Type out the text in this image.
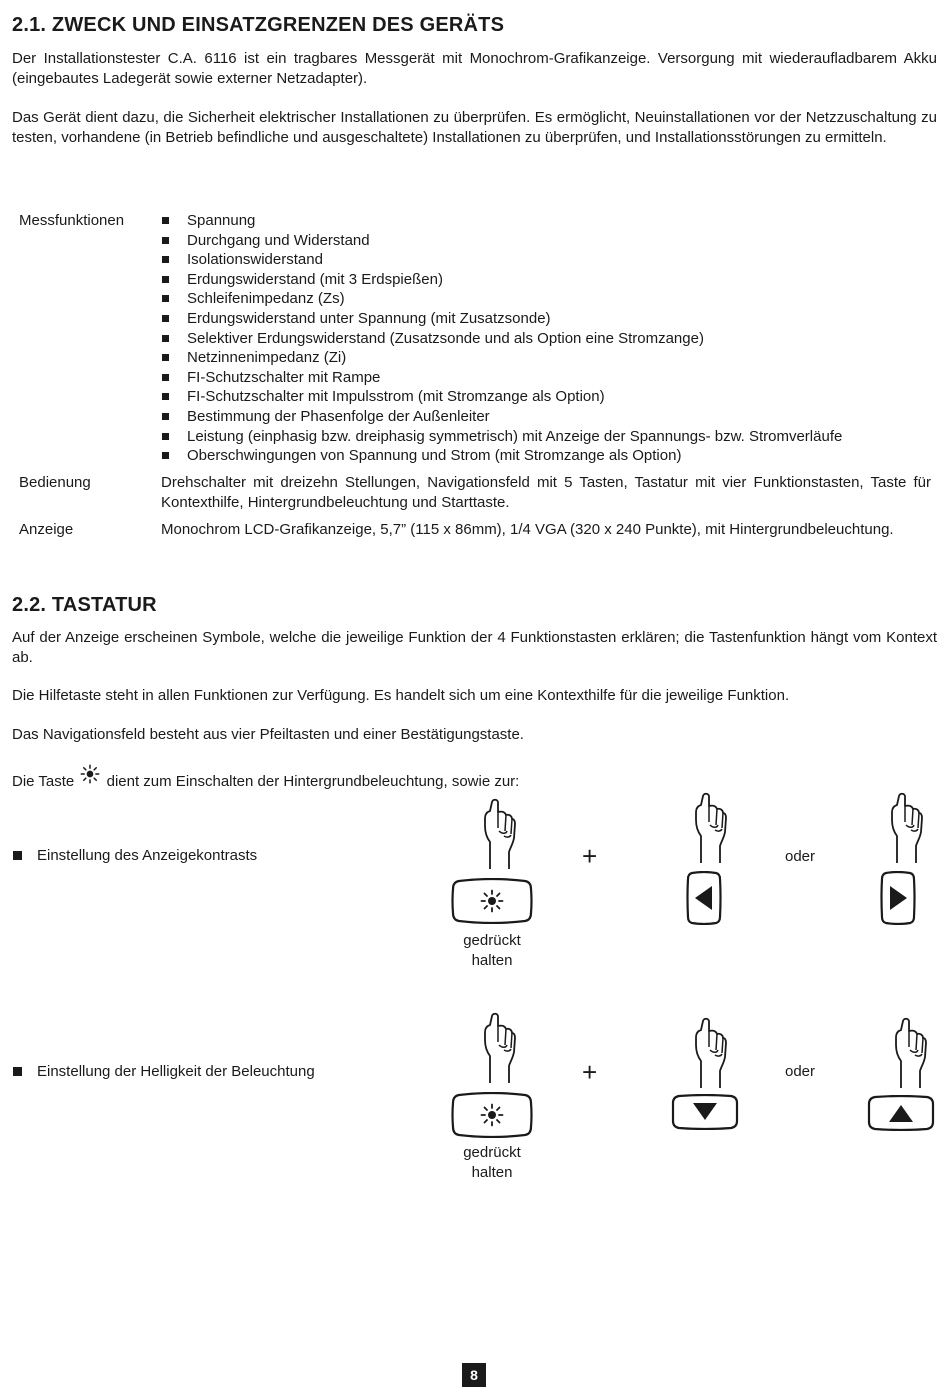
2.1. ZWECK UND EINSATZGRENZEN DES GERÄTS

Der Installationstester C.A. 6116 ist ein tragbares Messgerät mit Monochrom-Grafikanzeige. Versorgung mit wiederaufladbarem Akku (eingebautes Ladegerät sowie externer Netzadapter).

Das Gerät dient dazu, die Sicherheit elektrischer Installationen zu überprüfen. Es ermöglicht, Neuinstallationen vor der Netzzuschaltung zu testen, vorhandene (in Betrieb befindliche und ausgeschaltete) Installationen zu überprüfen, und Installationsstörungen zu ermitteln.

Messfunktionen	Spannung
Durchgang und Widerstand
Isolationswiderstand
Erdungswiderstand (mit 3 Erdspießen)
Schleifenimpedanz (Zs)
Erdungswiderstand unter Spannung (mit Zusatzsonde)
Selektiver Erdungswiderstand (Zusatzsonde und als Option eine Stromzange)
Netzinnenimpedanz (Zi)
FI-Schutzschalter mit Rampe
FI-Schutzschalter mit Impulsstrom (mit Stromzange als Option)
Bestimmung der Phasenfolge der Außenleiter
Leistung (einphasig bzw. dreiphasig symmetrisch) mit Anzeige der Spannungs- bzw. Stromverläufe
Oberschwingungen von Spannung und Strom (mit Stromzange als Option)
Bedienung	Drehschalter mit dreizehn Stellungen, Navigationsfeld mit 5 Tasten, Tastatur mit vier Funktionstasten, Taste für Kontexthilfe, Hintergrundbeleuchtung und Starttaste.

Anzeige	Monochrom LCD-Grafikanzeige, 5,7” (115 x 86mm), 1/4 VGA (320 x 240 Punkte), mit Hintergrundbeleuchtung.
2.2. TASTATUR

Auf der Anzeige erscheinen Symbole, welche die jeweilige Funktion der 4 Funktionstasten erklären; die Tastenfunktion hängt vom Kontext ab.

Die Hilfetaste steht in allen Funktionen zur Verfügung. Es handelt sich um eine Kontexthilfe für die jeweilige Funktion.

Das Navigationsfeld besteht aus vier Pfeiltasten und einer Bestätigungstaste.

Die Taste dient zum Einschalten der Hintergrundbeleuchtung, sowie zur:
Einstellung des Anzeigekontrasts
gedrückt
halten
+	oder
Einstellung der Helligkeit der Beleuchtung
gedrückt
halten
+	oder
8
